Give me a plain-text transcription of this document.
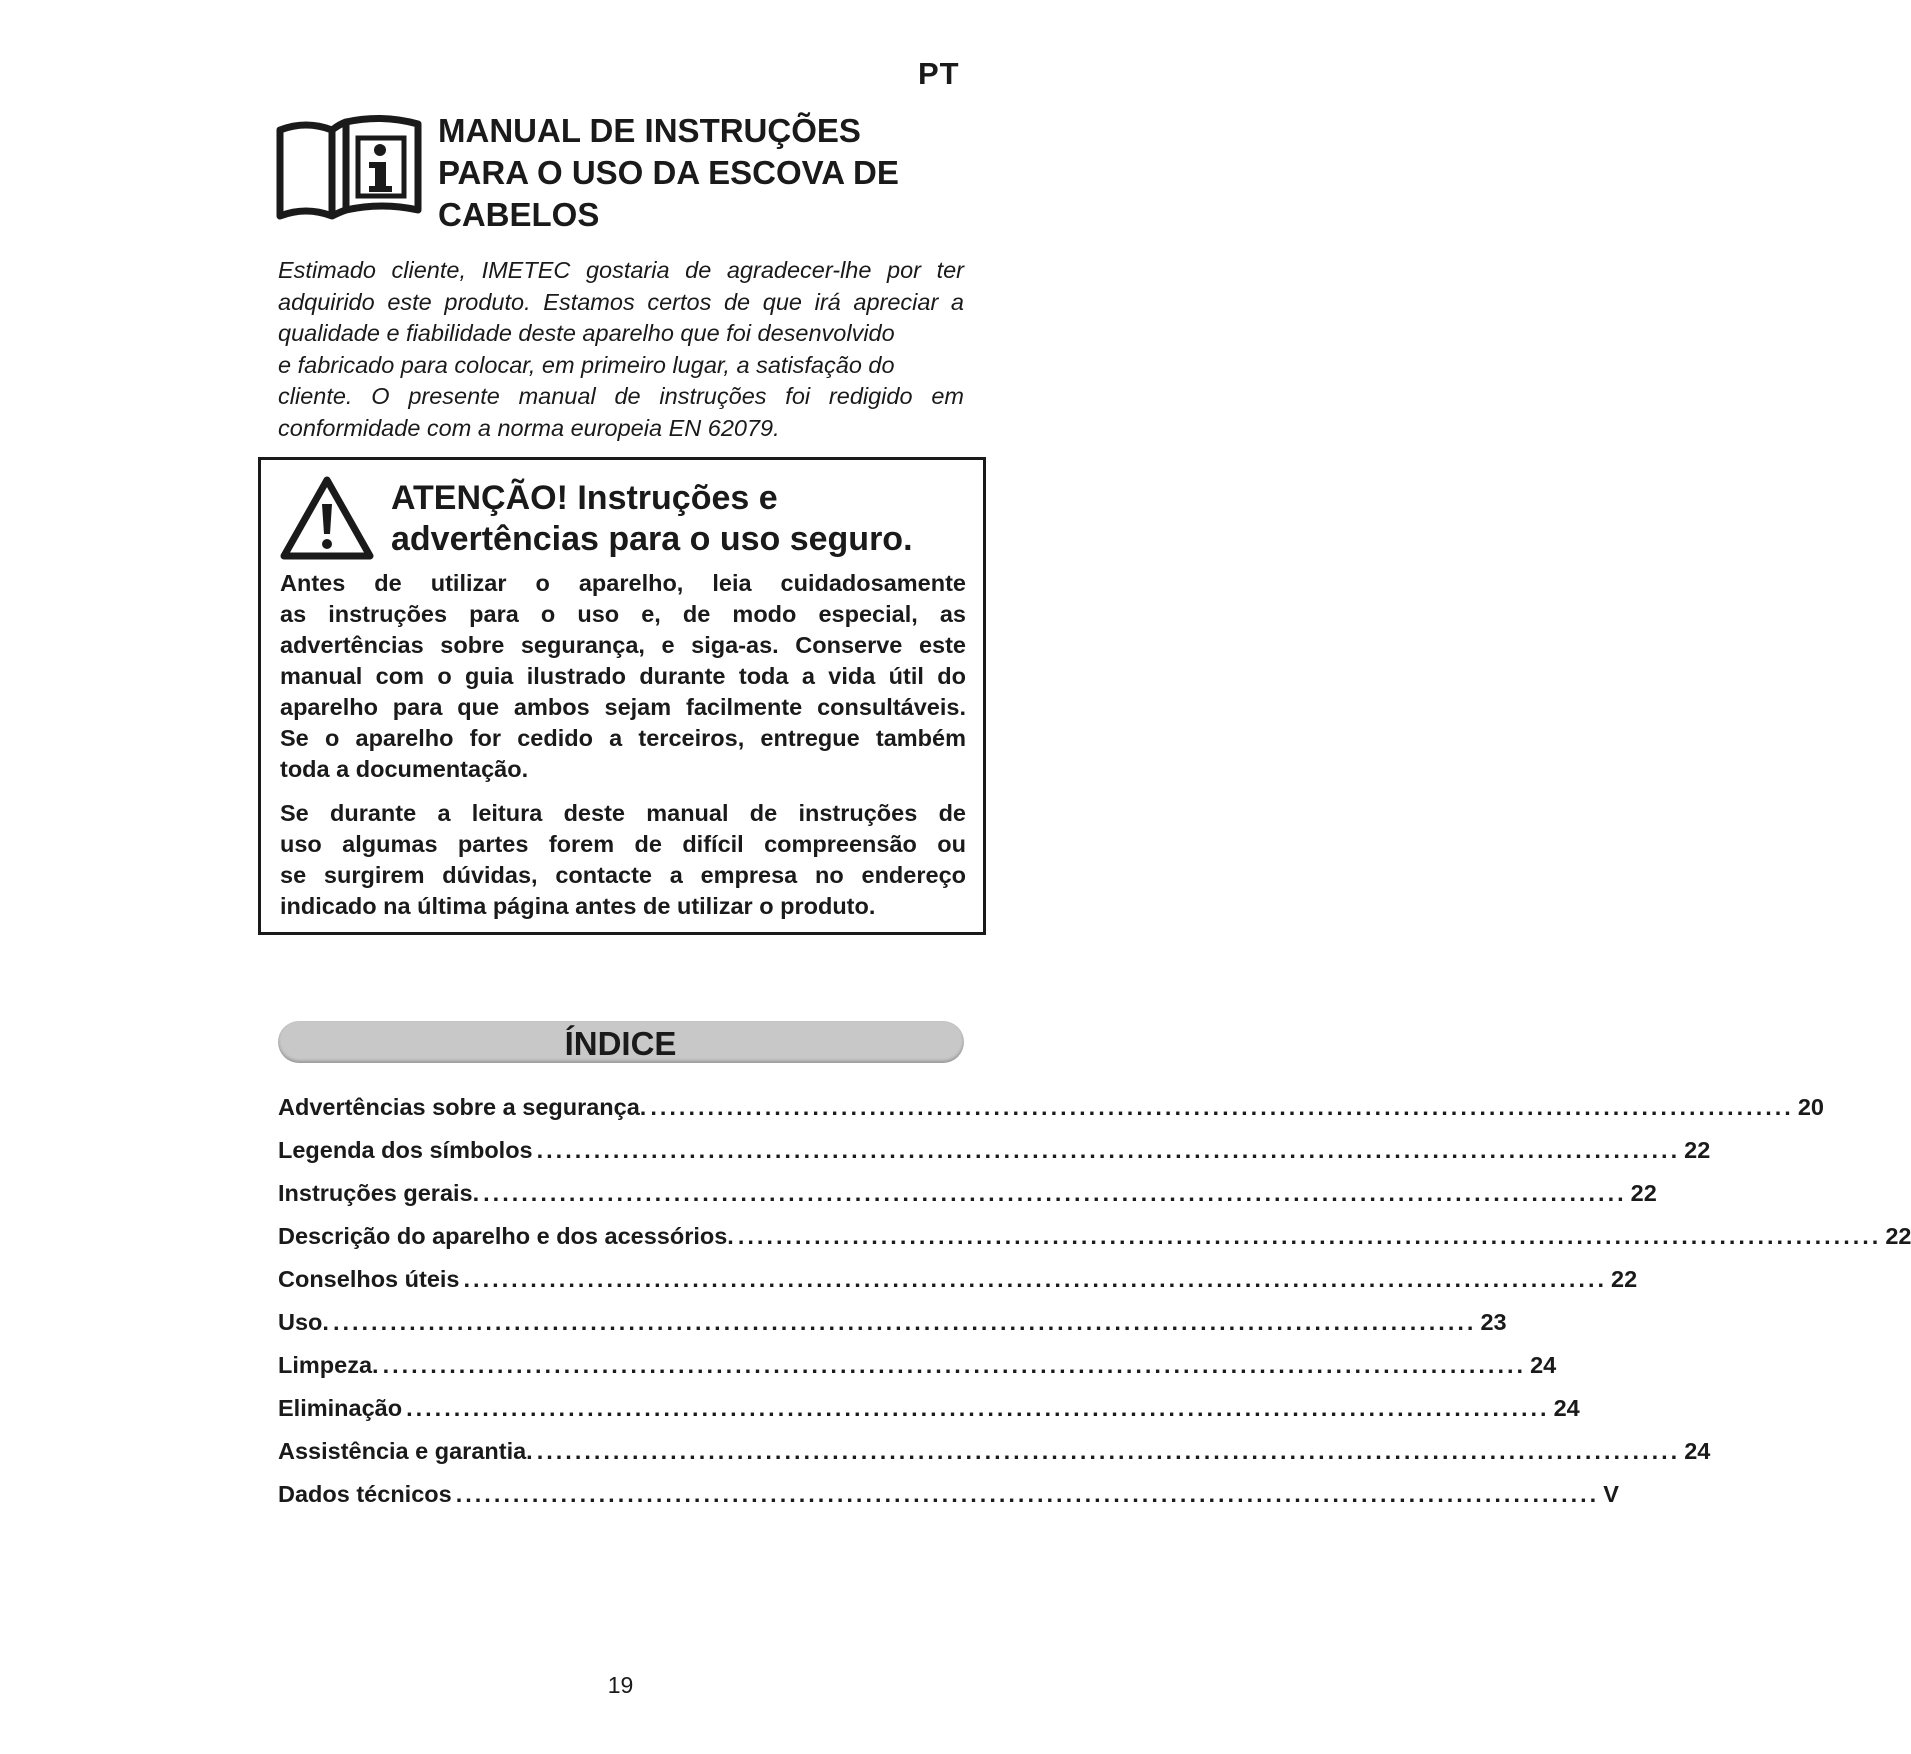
PT
MANUAL DE INSTRUÇÕES
PARA O USO DA ESCOVA DE
CABELOS
Estimado cliente, IMETEC gostaria de agradecer-lhe por ter
adquirido este produto. Estamos certos de que irá apreciar a
qualidade e fiabilidade deste aparelho que foi desenvolvido
e fabricado para colocar, em primeiro lugar, a satisfação do
cliente. O presente manual de instruções foi redigido em
conformidade com a norma europeia EN 62079.
ATENÇÃO! Instruções e
advertências para o uso seguro.
Antes de utilizar o aparelho, leia cuidadosamente
as instruções para o uso e, de modo especial, as
advertências sobre segurança, e siga-as. Conserve este
manual com o guia ilustrado durante toda a vida útil do
aparelho para que ambos sejam facilmente consultáveis.
Se o aparelho for cedido a terceiros, entregue também
toda a documentação.
Se durante a leitura deste manual de instruções de
uso algumas partes forem de difícil compreensão ou
se surgirem dúvidas, contacte a empresa no endereço
indicado na última página antes de utilizar o produto.
ÍNDICE
Advertências sobre a segurança. ........................................................................................................................ 20
Legenda dos símbolos ........................................................................................................................ 22
Instruções gerais. ........................................................................................................................ 22
Descrição do aparelho e dos acessórios. ........................................................................................................................ 22
Conselhos úteis ........................................................................................................................ 22
Uso. ........................................................................................................................ 23
Limpeza. ........................................................................................................................ 24
Eliminação ........................................................................................................................ 24
Assistência e garantia. ........................................................................................................................ 24
Dados técnicos ........................................................................................................................ V
19
